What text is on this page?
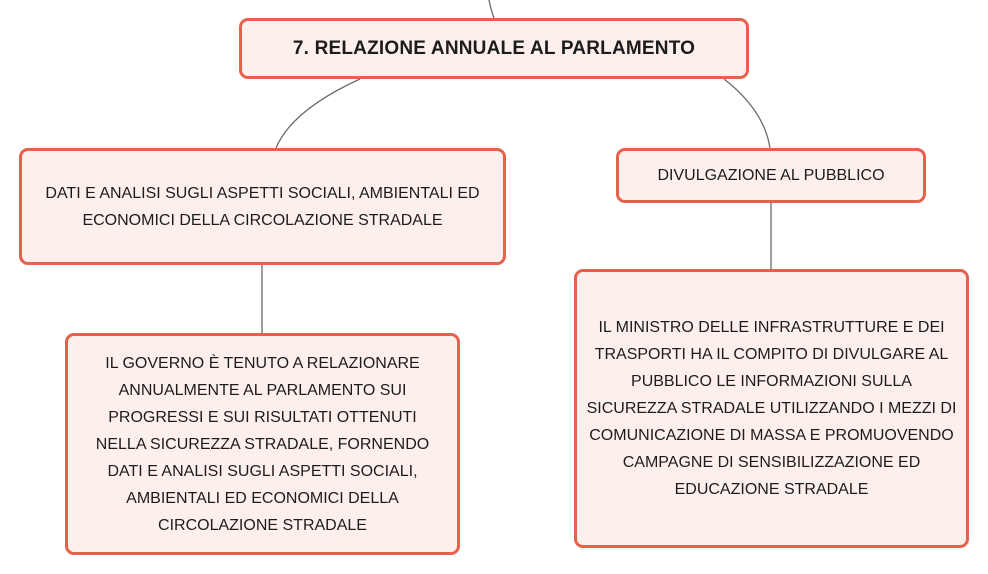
7. RELAZIONE ANNUALE AL PARLAMENTO
DATI E ANALISI SUGLI ASPETTI SOCIALI, AMBIENTALI ED ECONOMICI DELLA CIRCOLAZIONE STRADALE
DIVULGAZIONE AL PUBBLICO
IL GOVERNO È TENUTO A RELAZIONARE ANNUALMENTE AL PARLAMENTO SUI PROGRESSI E SUI RISULTATI OTTENUTI NELLA SICUREZZA STRADALE, FORNENDO DATI E ANALISI SUGLI ASPETTI SOCIALI, AMBIENTALI ED ECONOMICI DELLA CIRCOLAZIONE STRADALE
IL MINISTRO DELLE INFRASTRUTTURE E DEI TRASPORTI HA IL COMPITO DI DIVULGARE AL PUBBLICO LE INFORMAZIONI SULLA SICUREZZA STRADALE UTILIZZANDO I MEZZI DI COMUNICAZIONE DI MASSA E PROMUOVENDO CAMPAGNE DI SENSIBILIZZAZIONE ED EDUCAZIONE STRADALE
